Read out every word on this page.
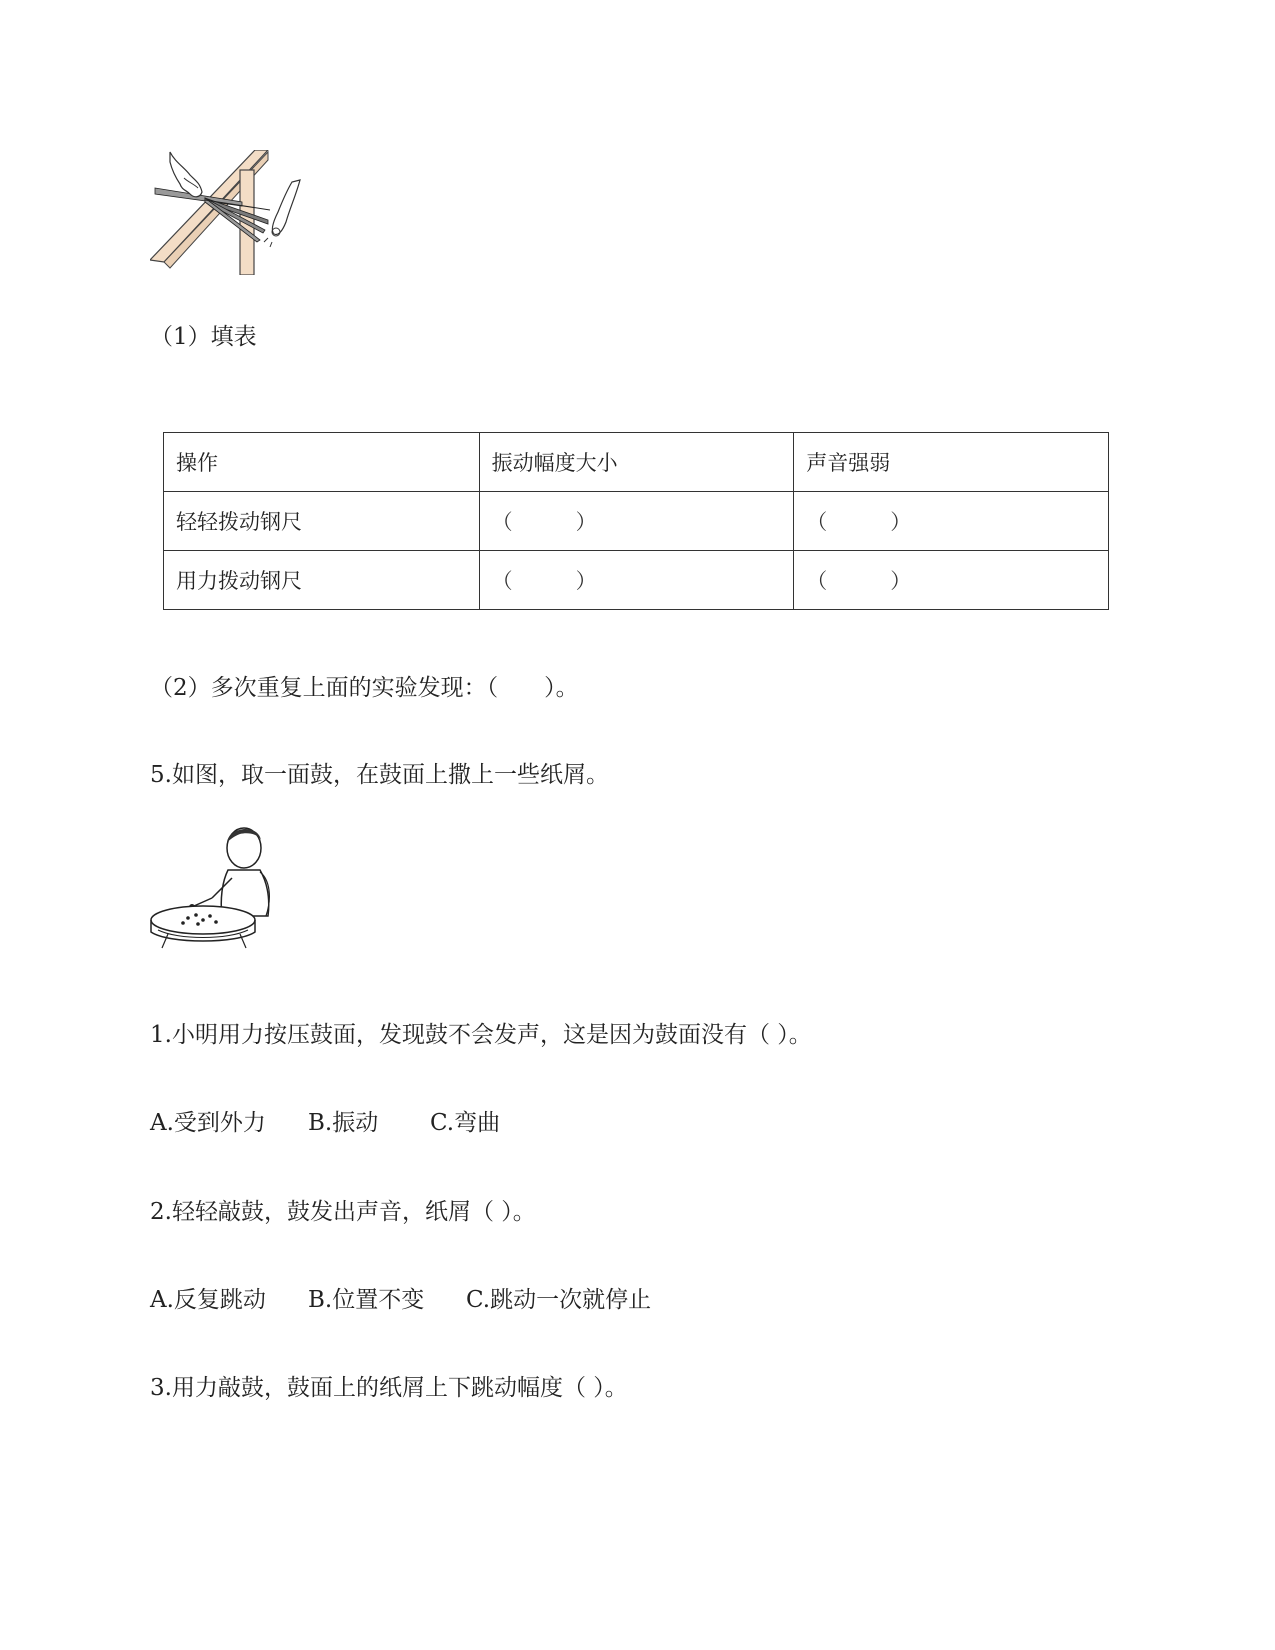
（1）填表
操作	振动幅度大小	声音强弱
轻轻拨动钢尺	（　　　）	（　　　）
用力拨动钢尺	（　　　）	（　　　）
（2）多次重复上面的实验发现：（　　）。
5.如图，取一面鼓，在鼓面上撒上一些纸屑。
1.小明用力按压鼓面，发现鼓不会发声，这是因为鼓面没有（ ）。
A.受到外力 B.振动 C.弯曲
2.轻轻敲鼓，鼓发出声音，纸屑（ ）。
A.反复跳动 B.位置不变 C.跳动一次就停止
3.用力敲鼓，鼓面上的纸屑上下跳动幅度（ ）。
